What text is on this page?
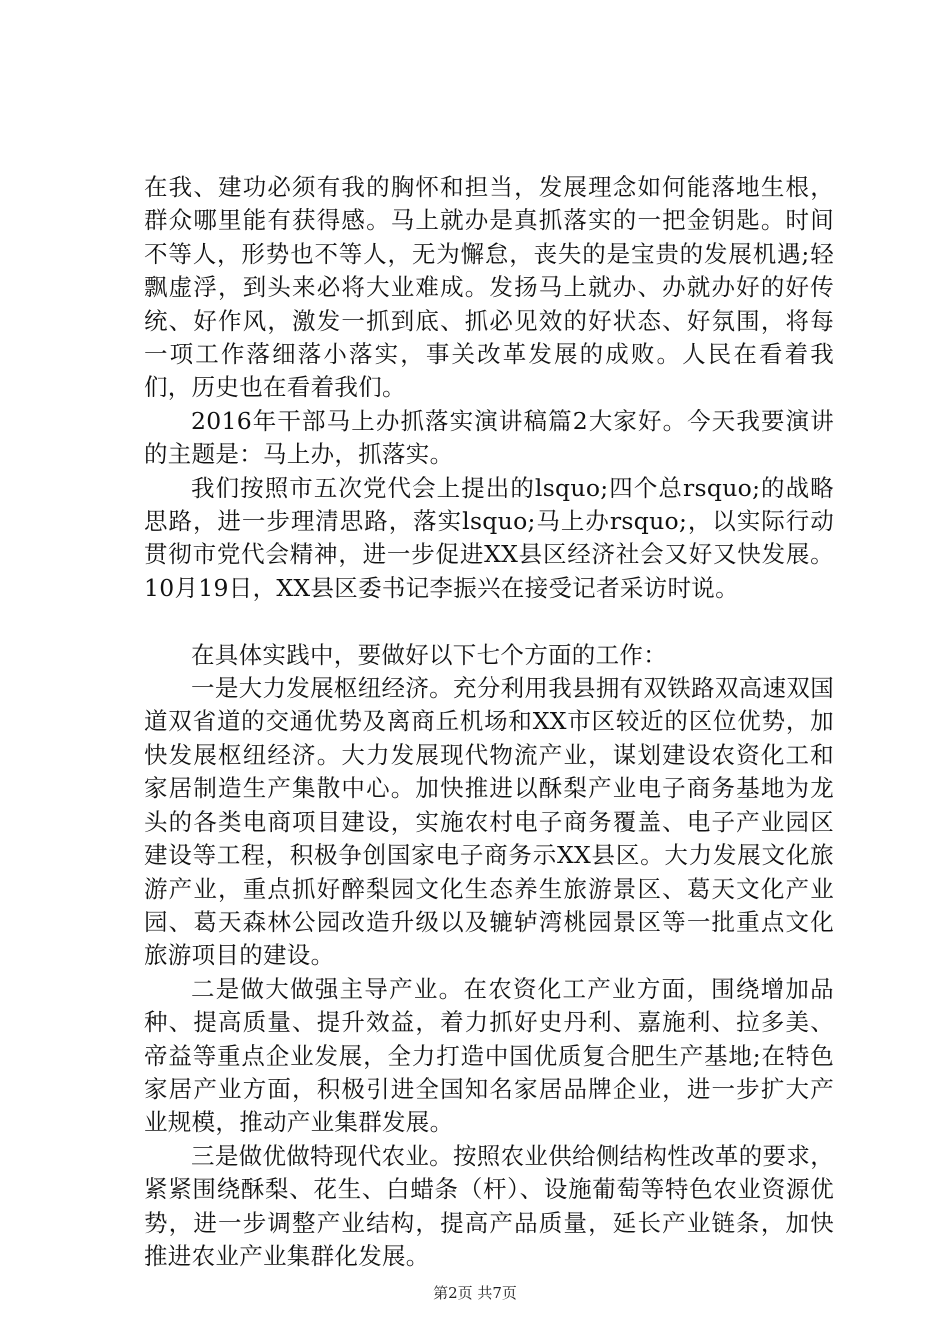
在我、建功必须有我的胸怀和担当，发展理念如何能落地生根，群众哪里能有获得感。马上就办是真抓落实的一把金钥匙。时间不等人，形势也不等人，无为懈怠，丧失的是宝贵的发展机遇;轻飘虚浮，到头来必将大业难成。发扬马上就办、办就办好的好传统、好作风，激发一抓到底、抓必见效的好状态、好氛围，将每一项工作落细落小落实，事关改革发展的成败。人民在看着我们，历史也在看着我们。

2016年干部马上办抓落实演讲稿篇2大家好。今天我要演讲的主题是：马上办，抓落实。

我们按照市五次党代会上提出的lsquo;四个总rsquo;的战略思路，进一步理清思路，落实lsquo;马上办rsquo;，以实际行动贯彻市党代会精神，进一步促进XX县区经济社会又好又快发展。10月19日，XX县区委书记李振兴在接受记者采访时说。

在具体实践中，要做好以下七个方面的工作：

一是大力发展枢纽经济。充分利用我县拥有双铁路双高速双国道双省道的交通优势及离商丘机场和XX市区较近的区位优势，加快发展枢纽经济。大力发展现代物流产业，谋划建设农资化工和家居制造生产集散中心。加快推进以酥梨产业电子商务基地为龙头的各类电商项目建设，实施农村电子商务覆盖、电子产业园区建设等工程，积极争创国家电子商务示XX县区。大力发展文化旅游产业，重点抓好醉梨园文化生态养生旅游景区、葛天文化产业园、葛天森林公园改造升级以及辘轳湾桃园景区等一批重点文化旅游项目的建设。

二是做大做强主导产业。在农资化工产业方面，围绕增加品种、提高质量、提升效益，着力抓好史丹利、嘉施利、拉多美、帝益等重点企业发展，全力打造中国优质复合肥生产基地;在特色家居产业方面，积极引进全国知名家居品牌企业，进一步扩大产业规模，推动产业集群发展。

三是做优做特现代农业。按照农业供给侧结构性改革的要求，紧紧围绕酥梨、花生、白蜡条（杆）、设施葡萄等特色农业资源优势，进一步调整产业结构，提高产品质量，延长产业链条，加快推进农业产业集群化发展。

第2页 共7页
